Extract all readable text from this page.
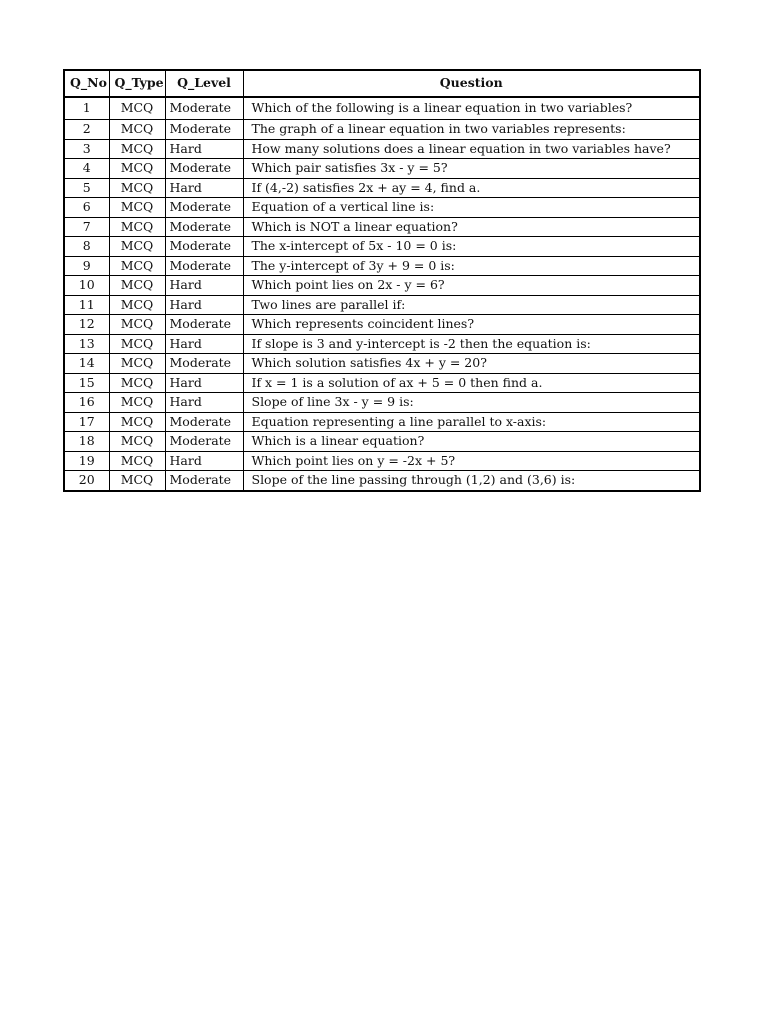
Q_No	Q_Type	Q_Level	Question
1	MCQ	Moderate	Which of the following is a linear equation in two variables?
2	MCQ	Moderate	The graph of a linear equation in two variables represents:
3	MCQ	Hard	How many solutions does a linear equation in two variables have?
4	MCQ	Moderate	Which pair satisfies 3x - y = 5?
5	MCQ	Hard	If (4,-2) satisfies 2x + ay = 4, find a.
6	MCQ	Moderate	Equation of a vertical line is:
7	MCQ	Moderate	Which is NOT a linear equation?
8	MCQ	Moderate	The x-intercept of 5x - 10 = 0 is:
9	MCQ	Moderate	The y-intercept of 3y + 9 = 0 is:
10	MCQ	Hard	Which point lies on 2x - y = 6?
11	MCQ	Hard	Two lines are parallel if:
12	MCQ	Moderate	Which represents coincident lines?
13	MCQ	Hard	If slope is 3 and y-intercept is -2 then the equation is:
14	MCQ	Moderate	Which solution satisfies 4x + y = 20?
15	MCQ	Hard	If x = 1 is a solution of ax + 5 = 0 then find a.
16	MCQ	Hard	Slope of line 3x - y = 9 is:
17	MCQ	Moderate	Equation representing a line parallel to x-axis:
18	MCQ	Moderate	Which is a linear equation?
19	MCQ	Hard	Which point lies on y = -2x + 5?
20	MCQ	Moderate	Slope of the line passing through (1,2) and (3,6) is:
